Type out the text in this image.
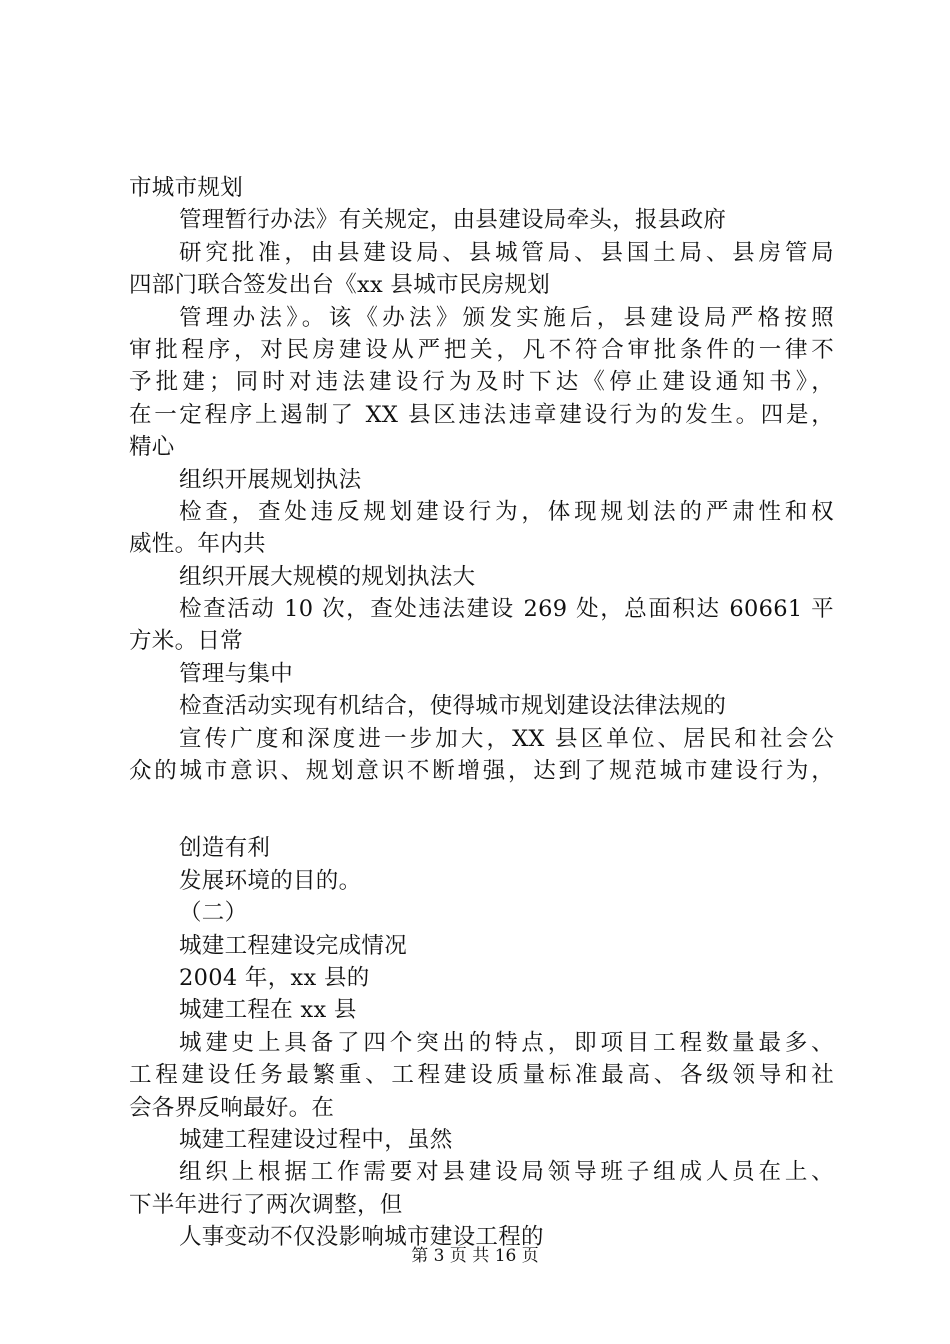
市城市规划
管理暂行办法》有关规定，由县建设局牵头，报县政府
研究批准，由县建设局、县城管局、县国土局、县房管局
四部门联合签发出台《xx 县城市民房规划
管理办法》。该《办法》颁发实施后，县建设局严格按照
审批程序，对民房建设从严把关，凡不符合审批条件的一律不
予批建；同时对违法建设行为及时下达《停止建设通知书》，
在一定程序上遏制了 XX 县区违法违章建设行为的发生。四是，
精心
组织开展规划执法
检查，查处违反规划建设行为，体现规划法的严肃性和权
威性。年内共
组织开展大规模的规划执法大
检查活动 10 次，查处违法建设 269 处，总面积达 60661 平
方米。日常
管理与集中
检查活动实现有机结合，使得城市规划建设法律法规的
宣传广度和深度进一步加大，XX 县区单位、居民和社会公
众的城市意识、规划意识不断增强，达到了规范城市建设行为，
创造有利
发展环境的目的。
（二）
城建工程建设完成情况
2004 年，xx 县的
城建工程在 xx 县
城建史上具备了四个突出的特点，即项目工程数量最多、
工程建设任务最繁重、工程建设质量标准最高、各级领导和社
会各界反响最好。在
城建工程建设过程中，虽然
组织上根据工作需要对县建设局领导班子组成人员在上、
下半年进行了两次调整，但
人事变动不仅没影响城市建设工程的
第 3 页 共 16 页
